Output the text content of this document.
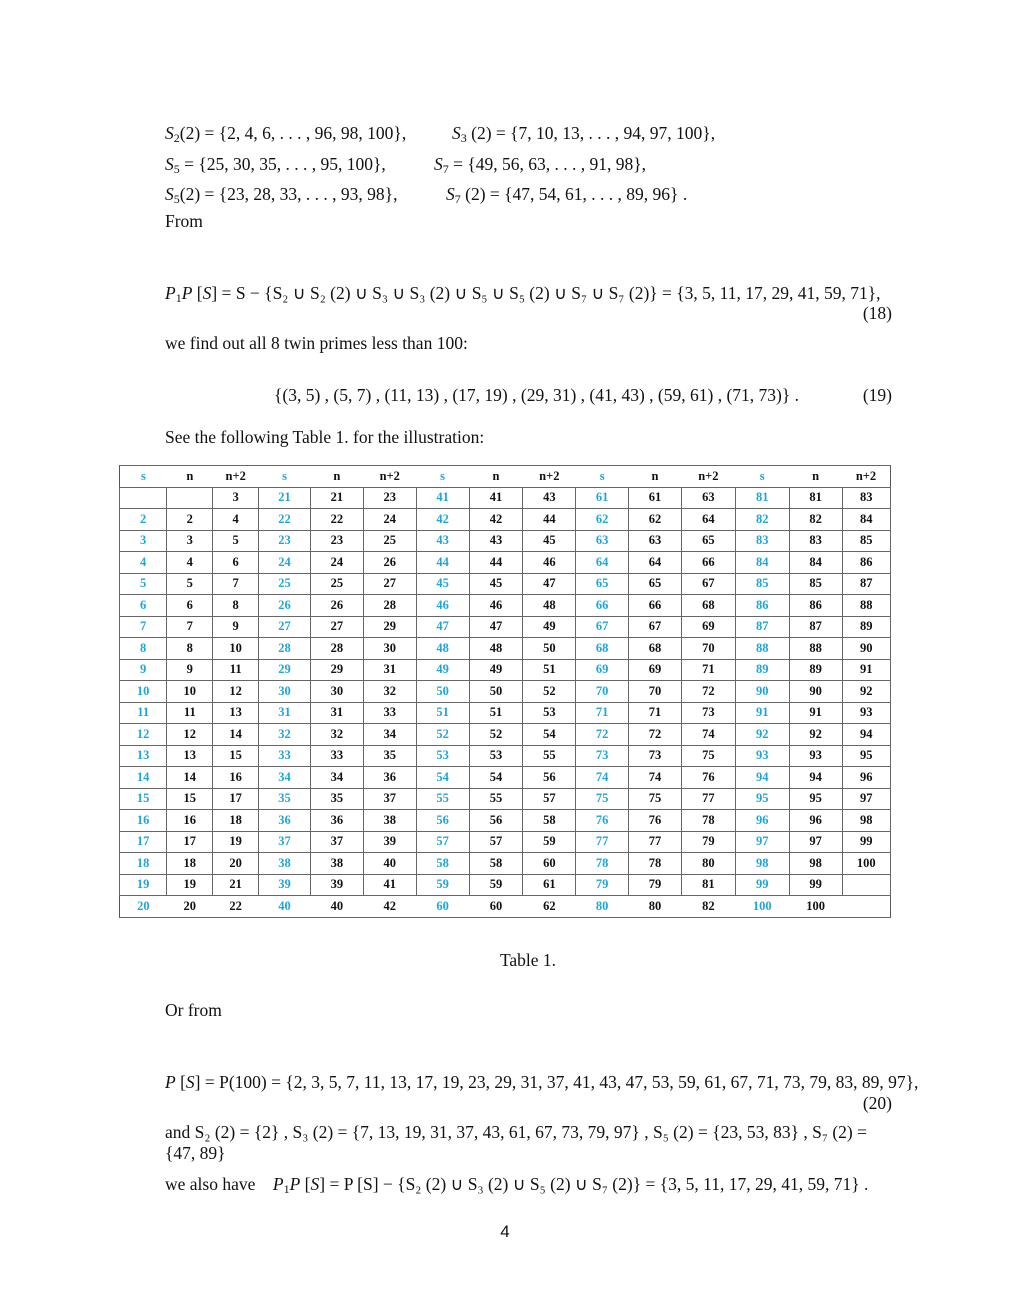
$S_2(2) = \{2$, 4, 6, . . . , 96, 98, 100},	$S_3$ (2) = {7, 10, 13, . . . , 94, 97, 100},
$S_5 = \{25$, 30, 35, . . . , 95, 100},	$S_7 = \{49$, 56, 63, . . . , 91, 98},
$S_5(2) = \{23$, 28, 33, . . . , 93, 98},	$S_7$ (2) = {47, 54, 61, . . . , 89, 96} .
From
$P_1P$ [S] = S − {S₂ ∪ S₂ (2) ∪ S₃ ∪ S₃ (2) ∪ S₅ ∪ S₅ (2) ∪ S₇ ∪ S₇ (2)} = {3, 5, 11, 17, 29, 41, 59, 71},
(18)
we find out all 8 twin primes less than 100:
{(3, 5) , (5, 7) , (11, 13) , (17, 19) , (29, 31) , (41, 43) , (59, 61) , (71, 73)} .	(19)
See the following Table 1. for the illustration:
s	n	n+2	s	n	n+2	s	n	n+2	s	n	n+2	s	n	n+2
		3	21	21	23	41	41	43	61	61	63	81	81	83
2	2	4	22	22	24	42	42	44	62	62	64	82	82	84
3	3	5	23	23	25	43	43	45	63	63	65	83	83	85
4	4	6	24	24	26	44	44	46	64	64	66	84	84	86
5	5	7	25	25	27	45	45	47	65	65	67	85	85	87
6	6	8	26	26	28	46	46	48	66	66	68	86	86	88
7	7	9	27	27	29	47	47	49	67	67	69	87	87	89
8	8	10	28	28	30	48	48	50	68	68	70	88	88	90
9	9	11	29	29	31	49	49	51	69	69	71	89	89	91
10	10	12	30	30	32	50	50	52	70	70	72	90	90	92
11	11	13	31	31	33	51	51	53	71	71	73	91	91	93
12	12	14	32	32	34	52	52	54	72	72	74	92	92	94
13	13	15	33	33	35	53	53	55	73	73	75	93	93	95
14	14	16	34	34	36	54	54	56	74	74	76	94	94	96
15	15	17	35	35	37	55	55	57	75	75	77	95	95	97
16	16	18	36	36	38	56	56	58	76	76	78	96	96	98
17	17	19	37	37	39	57	57	59	77	77	79	97	97	99
18	18	20	38	38	40	58	58	60	78	78	80	98	98	100
19	19	21	39	39	41	59	59	61	79	79	81	99	99	
20	20	22	40	40	42	60	60	62	80	80	82	100	100	
Table 1.
Or from
P [S] = P(100) = {2, 3, 5, 7, 11, 13, 17, 19, 23, 29, 31, 37, 41, 43, 47, 53, 59, 61, 67, 71, 73, 79, 83, 89, 97},
(20)
and S₂ (2) = {2} , S₃ (2) = {7, 13, 19, 31, 37, 43, 61, 67, 73, 79, 97} , S₅ (2) = {23, 53, 83} , S₇ (2) =
{47, 89}
we also have $P_1P$ [S] = P [S] − {S₂ (2) ∪ S₃ (2) ∪ S₅ (2) ∪ S₇ (2)} = {3, 5, 11, 17, 29, 41, 59, 71} .
4
